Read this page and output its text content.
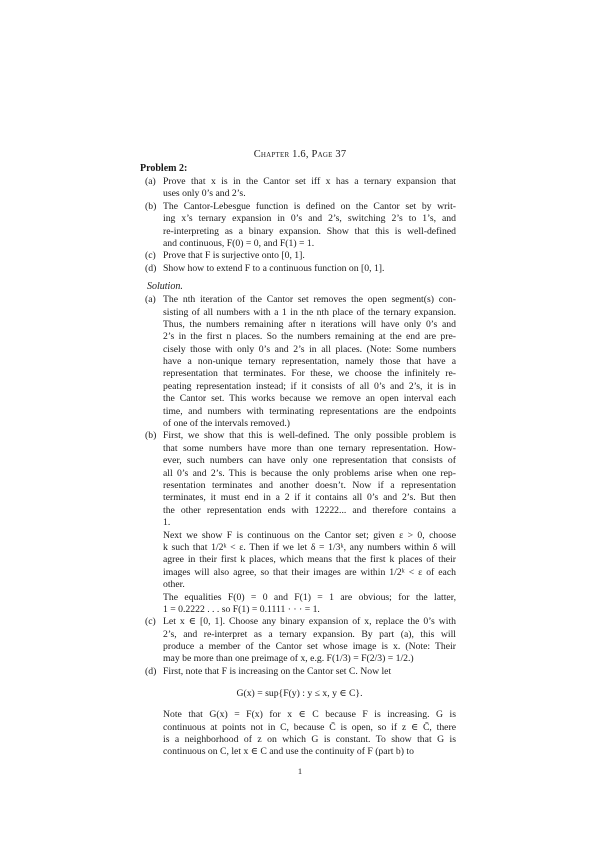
Chapter 1.6, Page 37
Problem 2:
(a) Prove that x is in the Cantor set iff x has a ternary expansion that
uses only 0’s and 2’s.
(b) The Cantor-Lebesgue function is defined on the Cantor set by writ-
ing x’s ternary expansion in 0’s and 2’s, switching 2’s to 1’s, and
re-interpreting as a binary expansion. Show that this is well-defined
and continuous, F(0) = 0, and F(1) = 1.
(c) Prove that F is surjective onto [0, 1].
(d) Show how to extend F to a continuous function on [0, 1].
Solution.
(a) The nth iteration of the Cantor set removes the open segment(s) con-
sisting of all numbers with a 1 in the nth place of the ternary expansion.
Thus, the numbers remaining after n iterations will have only 0’s and
2’s in the first n places. So the numbers remaining at the end are pre-
cisely those with only 0’s and 2’s in all places. (Note: Some numbers
have a non-unique ternary representation, namely those that have a
representation that terminates. For these, we choose the infinitely re-
peating representation instead; if it consists of all 0’s and 2’s, it is in
the Cantor set. This works because we remove an open interval each
time, and numbers with terminating representations are the endpoints
of one of the intervals removed.)
(b) First, we show that this is well-defined. The only possible problem is
that some numbers have more than one ternary representation. How-
ever, such numbers can have only one representation that consists of
all 0’s and 2’s. This is because the only problems arise when one rep-
resentation terminates and another doesn’t. Now if a representation
terminates, it must end in a 2 if it contains all 0’s and 2’s. But then
the other representation ends with 12222... and therefore contains a
1.
Next we show F is continuous on the Cantor set; given ε > 0, choose
k such that 1/2ᵏ < ε. Then if we let δ = 1/3ᵏ, any numbers within δ will
agree in their first k places, which means that the first k places of their
images will also agree, so that their images are within 1/2ᵏ < ε of each
other.
The equalities F(0) = 0 and F(1) = 1 are obvious; for the latter,
1 = 0.2222 . . . so F(1) = 0.1111 · · · = 1.
(c) Let x ∈ [0, 1]. Choose any binary expansion of x, replace the 0’s with
2’s, and re-interpret as a ternary expansion. By part (a), this will
produce a member of the Cantor set whose image is x. (Note: Their
may be more than one preimage of x, e.g. F(1/3) = F(2/3) = 1/2.)
(d) First, note that F is increasing on the Cantor set C. Now let
G(x) = sup{F(y) : y ≤ x, y ∈ C}.
Note that G(x) = F(x) for x ∈ C because F is increasing. G is
continuous at points not in C, because C̄ is open, so if z ∈ C̄, there
is a neighborhood of z on which G is constant. To show that G is
continuous on C, let x ∈ C and use the continuity of F (part b) to
1
